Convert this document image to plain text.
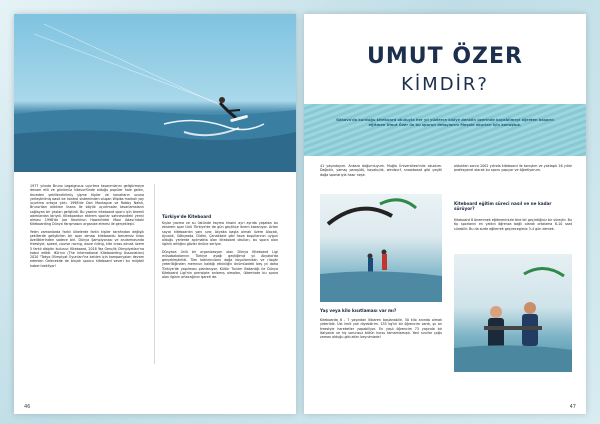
1977 yılında Bruno Legaignoux uçurtma tasarımlarını geliştirmeye devam etti ve günümüz kitesurfünde olduğu popüler hale gelen, önceden şekillendirilmiş şişme tüpler ve kanatların uzuna yerleştirilmiş basit bir kontrol sisteminden oluşan Wipika markalı yay uçurtma ortaya çıktı. 1998'de Don Montague ve Robby Naish, Bruno'dan aldıkları lisans ile böyük uçurtmalar tasarlamaların sağlayan bir yasları geliştirdi. Bu yazılım kiteboard sporu için önemli adımlardan biriydi. Kiteboardun ektrem sporlar sahnesindeki yerini alması 1998'de Joe Keuhihun Hawaii'deki Maui Adası'ndaki Kiteboarding Dünya Yarışmasını organize etmesi ile gerçekleşti.

Yelen zamanlarda farklı ülkelerde farklı kişiler tarafından değişik şekillerde geliştirilen bir spor olması kiteboardu benzersiz kılan özelliklerinden sadece biri. Dünya Şampiyonası ve anılarmasında freestyle, speed, course racing, wave riding, kite cross olmak üzere 5 farklı disiplin bulunur. Kiteboard, 2018 Yaz Gençlik Olimpiyatları'na kabul edildi. IKA'nın (The International Kiteboarding Association) 2020 "Tokyo Olimpiyat Oyunları"na katılım için kampanyaları devam ederken Gelecekde de birçok sporcu kiteboard severi bu müjdeli haberi bekliyor!

Türkiye'de Kiteboard

Kışlar yazma ve su üstünde kayma hissini ayrı ayrıda yaşatan bu ekstrem spor türü Türkiye'de de gün geçtikçe önem kazanıyor. Artan sayıcı kiteboardın yanı sıra; Akyaka başta olmak üzere Alaçatı, Ayvalık, Gökçeada, Didim, Çanakkale gibi hava koşullarının uygun olduğu yerlerde açılmakta olan kiteboard okulları, bu spora olan ilginin arttığını gözler önüne seriyor.

Dünyaca ünlü bir organizasyon olan Dünya Kiteboard Ligi müsabakalarının Türkiye ayağı geçtiğimiz yıl Akyaka'da gerçekleştirildi. Tüm katılımcıların doğa koşullarından ve rüzgâr yeterliliğinden memnun kaldığı etkinliğin önümüzdeki beş yıl daha Türkiye'de yapılması planlanıyor. Kültür Turizm Bakanlığı ile Dünya Kiteboard Ligi'nin prensipte anlamış olmaları, ülkemizde bu spora olan ilginin artacağının işareti de.

46
UMUT ÖZER
KİMDİR?
Gökova'da kurduğu kiteboard okuluyla her yıl yüzlerce kişiye denizin üzerinde kayabilmeyi öğreten başarılı eğitmen Umut Özer ile bu sporun detaylarını Meşale okurları için konuştuk.
41 yaşındayım. Ankara doğumluyum. Muğla Üniversitesi'nde okudum. Dağcılık, yamaç paraşütü, kayakçılık, windsurf, snowboard gibi çeşitli doğa sporlarıyla hasır neşir.
oldukten sonra 2002 yılında kiteboard ile tanıştım ve yaklaşık 16 yıldır profesyonel olarak bu sporu yapıyor ve öğretiyorum.
Kiteboard eğitim süreci nasıl ve ne kadar sürüyor?
Kiteboard 8 önemmek eğitmeninizle bire bir geçirdiğiniz bir süreçtir. Bu tip sporlarıın en yatkın öğrenza bağlı olarak ortalama 8-10 saat sürebilir. Bu da sizde eğilerrek geçirecegimiz 3-4 gün demek.
Yaş veya kilo kısıtlaması var mı?
Kiteboarda 6 - 7 yaşından itibaren başlanabilir. 30 kilo anında olmak yeterlidir. Üst limit yok diyebilirim. 135 kg'lık bir öğrencim vardı, şu an freestyle hareketler yapabiliyor. En yaşlı öğrencim 73 yaşında bir İtalyandı ve hiç sorunsuz bütün kursu tamamlamıştı. Yani sınırlar çoğu zaman olduğu gibi aklın beynimizde!
47
